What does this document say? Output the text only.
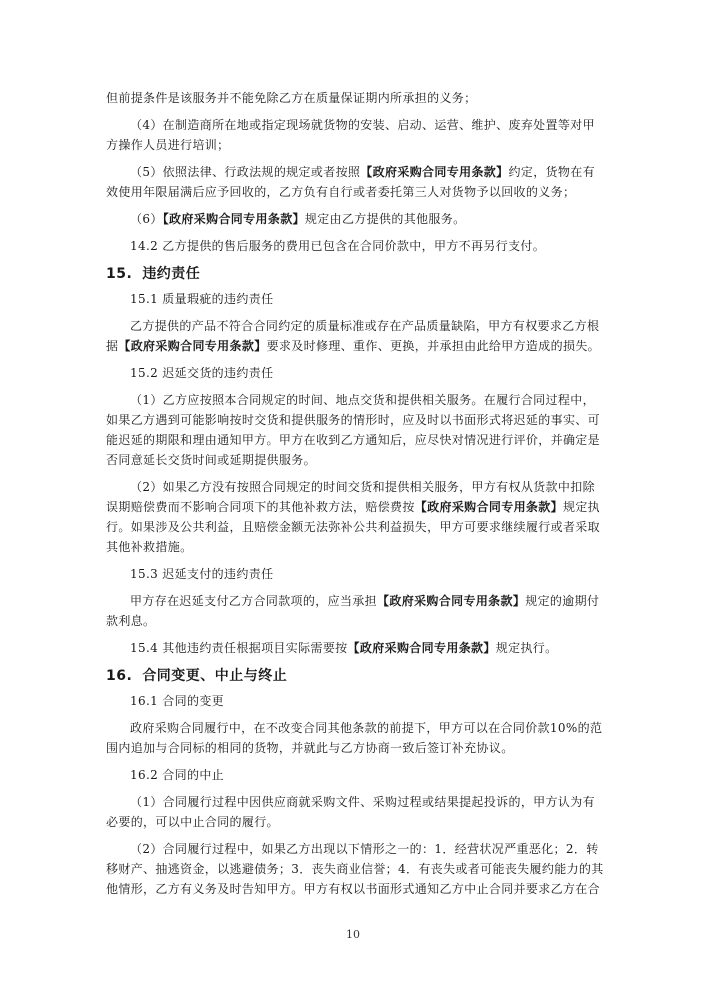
但前提条件是该服务并不能免除乙方在质量保证期内所承担的义务；

（4）在制造商所在地或指定现场就货物的安装、启动、运营、维护、废弃处置等对甲

方操作人员进行培训；

（5）依照法律、行政法规的规定或者按照【政府采购合同专用条款】约定，货物在有

效使用年限届满后应予回收的，乙方负有自行或者委托第三人对货物予以回收的义务；

（6）【政府采购合同专用条款】规定由乙方提供的其他服务。

14.2 乙方提供的售后服务的费用已包含在合同价款中，甲方不再另行支付。

15. 违约责任

15.1 质量瑕疵的违约责任

乙方提供的产品不符合合同约定的质量标准或存在产品质量缺陷，甲方有权要求乙方根

据【政府采购合同专用条款】要求及时修理、重作、更换，并承担由此给甲方造成的损失。

15.2 迟延交货的违约责任

（1）乙方应按照本合同规定的时间、地点交货和提供相关服务。在履行合同过程中，

如果乙方遇到可能影响按时交货和提供服务的情形时，应及时以书面形式将迟延的事实、可

能迟延的期限和理由通知甲方。甲方在收到乙方通知后，应尽快对情况进行评价，并确定是

否同意延长交货时间或延期提供服务。

（2）如果乙方没有按照合同规定的时间交货和提供相关服务，甲方有权从货款中扣除

误期赔偿费而不影响合同项下的其他补救方法，赔偿费按【政府采购合同专用条款】规定执

行。如果涉及公共利益，且赔偿金额无法弥补公共利益损失，甲方可要求继续履行或者采取

其他补救措施。

15.3 迟延支付的违约责任

甲方存在迟延支付乙方合同款项的，应当承担【政府采购合同专用条款】规定的逾期付

款利息。

15.4 其他违约责任根据项目实际需要按【政府采购合同专用条款】规定执行。

16. 合同变更、中止与终止

16.1 合同的变更

政府采购合同履行中，在不改变合同其他条款的前提下，甲方可以在合同价款10%的范

围内追加与合同标的相同的货物，并就此与乙方协商一致后签订补充协议。

16.2 合同的中止

（1）合同履行过程中因供应商就采购文件、采购过程或结果提起投诉的，甲方认为有

必要的，可以中止合同的履行。

（2）合同履行过程中，如果乙方出现以下情形之一的：1．经营状况严重恶化；2．转

移财产、抽逃资金，以逃避债务；3．丧失商业信誉；4．有丧失或者可能丧失履约能力的其

他情形，乙方有义务及时告知甲方。甲方有权以书面形式通知乙方中止合同并要求乙方在合

10
